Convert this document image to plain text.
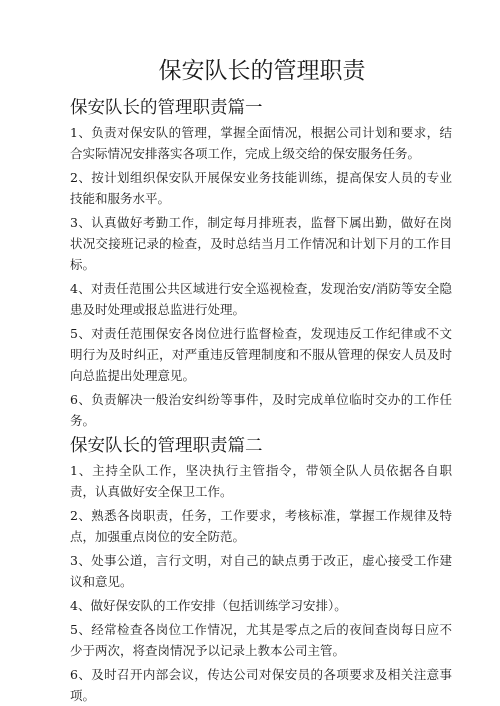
保安队长的管理职责
保安队长的管理职责篇一
1、负责对保安队的管理，掌握全面情况，根据公司计划和要求，结合实际情况安排落实各项工作，完成上级交给的保安服务任务。
2、按计划组织保安队开展保安业务技能训练，提高保安人员的专业技能和服务水平。
3、认真做好考勤工作，制定每月排班表，监督下属出勤，做好在岗状况交接班记录的检查，及时总结当月工作情况和计划下月的工作目标。
4、对责任范围公共区域进行安全巡视检查，发现治安/消防等安全隐患及时处理或报总监进行处理。
5、对责任范围保安各岗位进行监督检查，发现违反工作纪律或不文明行为及时纠正，对严重违反管理制度和不服从管理的保安人员及时向总监提出处理意见。
6、负责解决一般治安纠纷等事件，及时完成单位临时交办的工作任务。
保安队长的管理职责篇二
1、主持全队工作，坚决执行主管指令，带领全队人员依据各自职责，认真做好安全保卫工作。
2、熟悉各岗职责，任务，工作要求，考核标准，掌握工作规律及特点，加强重点岗位的安全防范。
3、处事公道，言行文明，对自己的缺点勇于改正，虚心接受工作建议和意见。
4、做好保安队的工作安排（包括训练学习安排）。
5、经常检查各岗位工作情况，尤其是零点之后的夜间查岗每日应不少于两次，将查岗情况予以记录上教本公司主管。
6、及时召开内部会议，传达公司对保安员的各项要求及相关注意事项。
